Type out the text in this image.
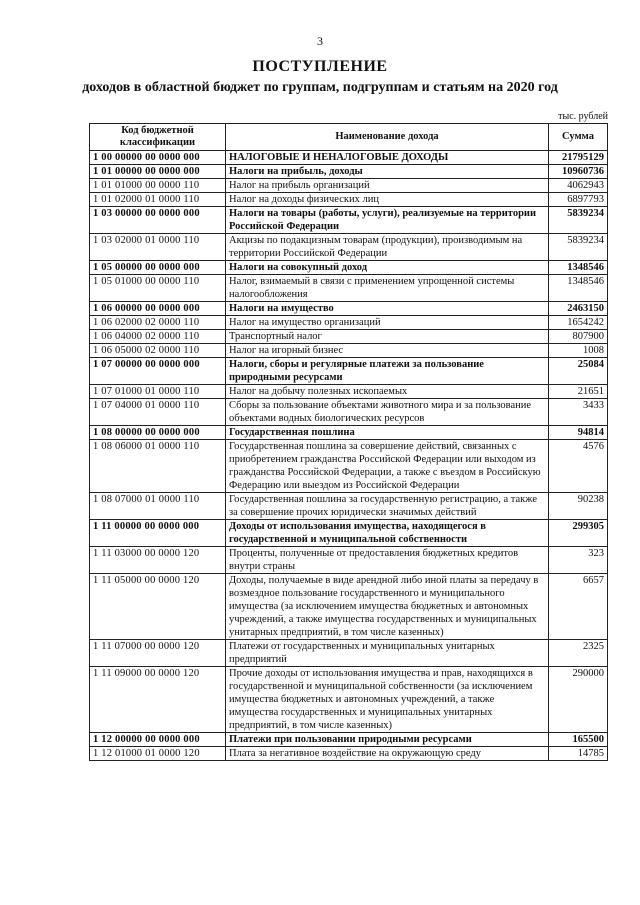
3
ПОСТУПЛЕНИЕ
доходов в областной бюджет по группам, подгруппам и статьям на 2020 год
тыс. рублей
Код бюджетной классификации	Наименование дохода	Сумма
1 00 00000 00 0000 000	НАЛОГОВЫЕ И НЕНАЛОГОВЫЕ ДОХОДЫ	21795129
1 01 00000 00 0000 000	Налоги на прибыль, доходы	10960736
1 01 01000 00 0000 110	Налог на прибыль организаций	4062943
1 01 02000 01 0000 110	Налог на доходы физических лиц	6897793
1 03 00000 00 0000 000	Налоги на товары (работы, услуги), реализуемые на территории Российской Федерации	5839234
1 03 02000 01 0000 110	Акцизы по подакцизным товарам (продукции), производимым на территории Российской Федерации	5839234
1 05 00000 00 0000 000	Налоги на совокупный доход	1348546
1 05 01000 00 0000 110	Налог, взимаемый в связи с применением упрощенной системы налогообложения	1348546
1 06 00000 00 0000 000	Налоги на имущество	2463150
1 06 02000 02 0000 110	Налог на имущество организаций	1654242
1 06 04000 02 0000 110	Транспортный налог	807900
1 06 05000 02 0000 110	Налог на игорный бизнес	1008
1 07 00000 00 0000 000	Налоги, сборы и регулярные платежи за пользование природными ресурсами	25084
1 07 01000 01 0000 110	Налог на добычу полезных ископаемых	21651
1 07 04000 01 0000 110	Сборы за пользование объектами животного мира и за пользование объектами водных биологических ресурсов	3433
1 08 00000 00 0000 000	Государственная пошлина	94814
1 08 06000 01 0000 110	Государственная пошлина за совершение действий, связанных с приобретением гражданства Российской Федерации или выходом из гражданства Российской Федерации, а также с въездом в Российскую Федерацию или выездом из Российской Федерации	4576
1 08 07000 01 0000 110	Государственная пошлина за государственную регистрацию, а также за совершение прочих юридически значимых действий	90238
1 11 00000 00 0000 000	Доходы от использования имущества, находящегося в государственной и муниципальной собственности	299305
1 11 03000 00 0000 120	Проценты, полученные от предоставления бюджетных кредитов внутри страны	323
1 11 05000 00 0000 120	Доходы, получаемые в виде арендной либо иной платы за передачу в возмездное пользование государственного и муниципального имущества (за исключением имущества бюджетных и автономных учреждений, а также имущества государственных и муниципальных унитарных предприятий, в том числе казенных)	6657
1 11 07000 00 0000 120	Платежи от государственных и муниципальных унитарных предприятий	2325
1 11 09000 00 0000 120	Прочие доходы от использования имущества и прав, находящихся в государственной и муниципальной собственности (за исключением имущества бюджетных и автономных учреждений, а также имущества государственных и муниципальных унитарных предприятий, в том числе казенных)	290000
1 12 00000 00 0000 000	Платежи при пользовании природными ресурсами	165500
1 12 01000 01 0000 120	Плата за негативное воздействие на окружающую среду	14785
